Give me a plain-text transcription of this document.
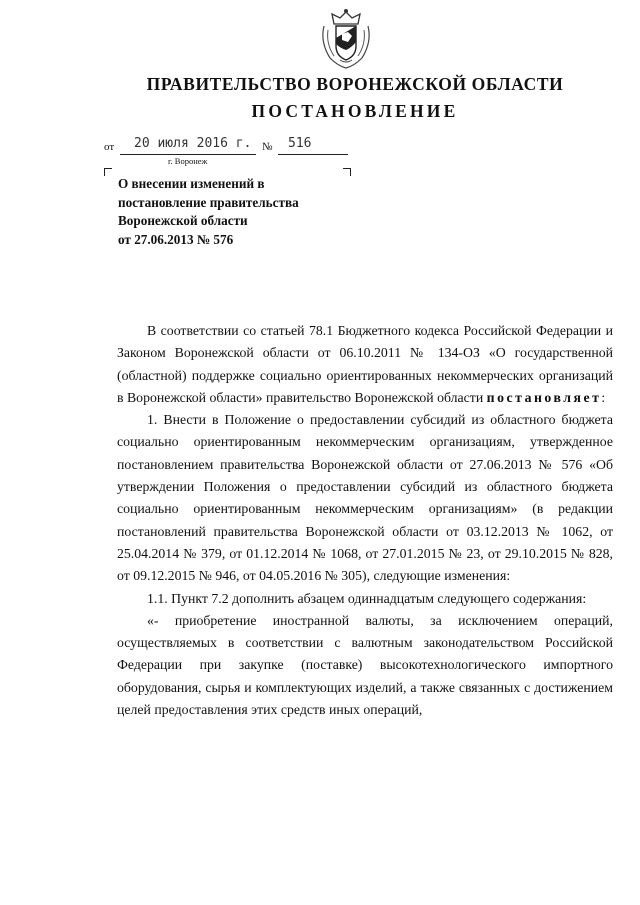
ПРАВИТЕЛЬСТВО ВОРОНЕЖСКОЙ ОБЛАСТИ
ПОСТАНОВЛЕНИЕ
от 20 июля 2016 г. № 516
г. Воронеж
О внесении изменений в
постановление правительства
Воронежской области
от 27.06.2013 № 576

В соответствии со статьей 78.1 Бюджетного кодекса Российской Федерации и Законом Воронежской области от 06.10.2011 № 134-ОЗ «О государственной (областной) поддержке социально ориентированных некоммерческих организаций в Воронежской области» правительство Воронежской области постановляет:

1. Внести в Положение о предоставлении субсидий из областного бюджета социально ориентированным некоммерческим организациям, утвержденное постановлением правительства Воронежской области от 27.06.2013 № 576 «Об утверждении Положения о предоставлении субсидий из областного бюджета социально ориентированным некоммерческим организациям» (в редакции постановлений правительства Воронежской области от 03.12.2013 № 1062, от 25.04.2014 № 379, от 01.12.2014 № 1068, от 27.01.2015 № 23, от 29.10.2015 № 828, от 09.12.2015 № 946, от 04.05.2016 № 305), следующие изменения:

1.1. Пункт 7.2 дополнить абзацем одиннадцатым следующего содержания:

«- приобретение иностранной валюты, за исключением операций, осуществляемых в соответствии с валютным законодательством Российской Федерации при закупке (поставке) высокотехнологического импортного оборудования, сырья и комплектующих изделий, а также связанных с достижением целей предоставления этих средств иных операций,
